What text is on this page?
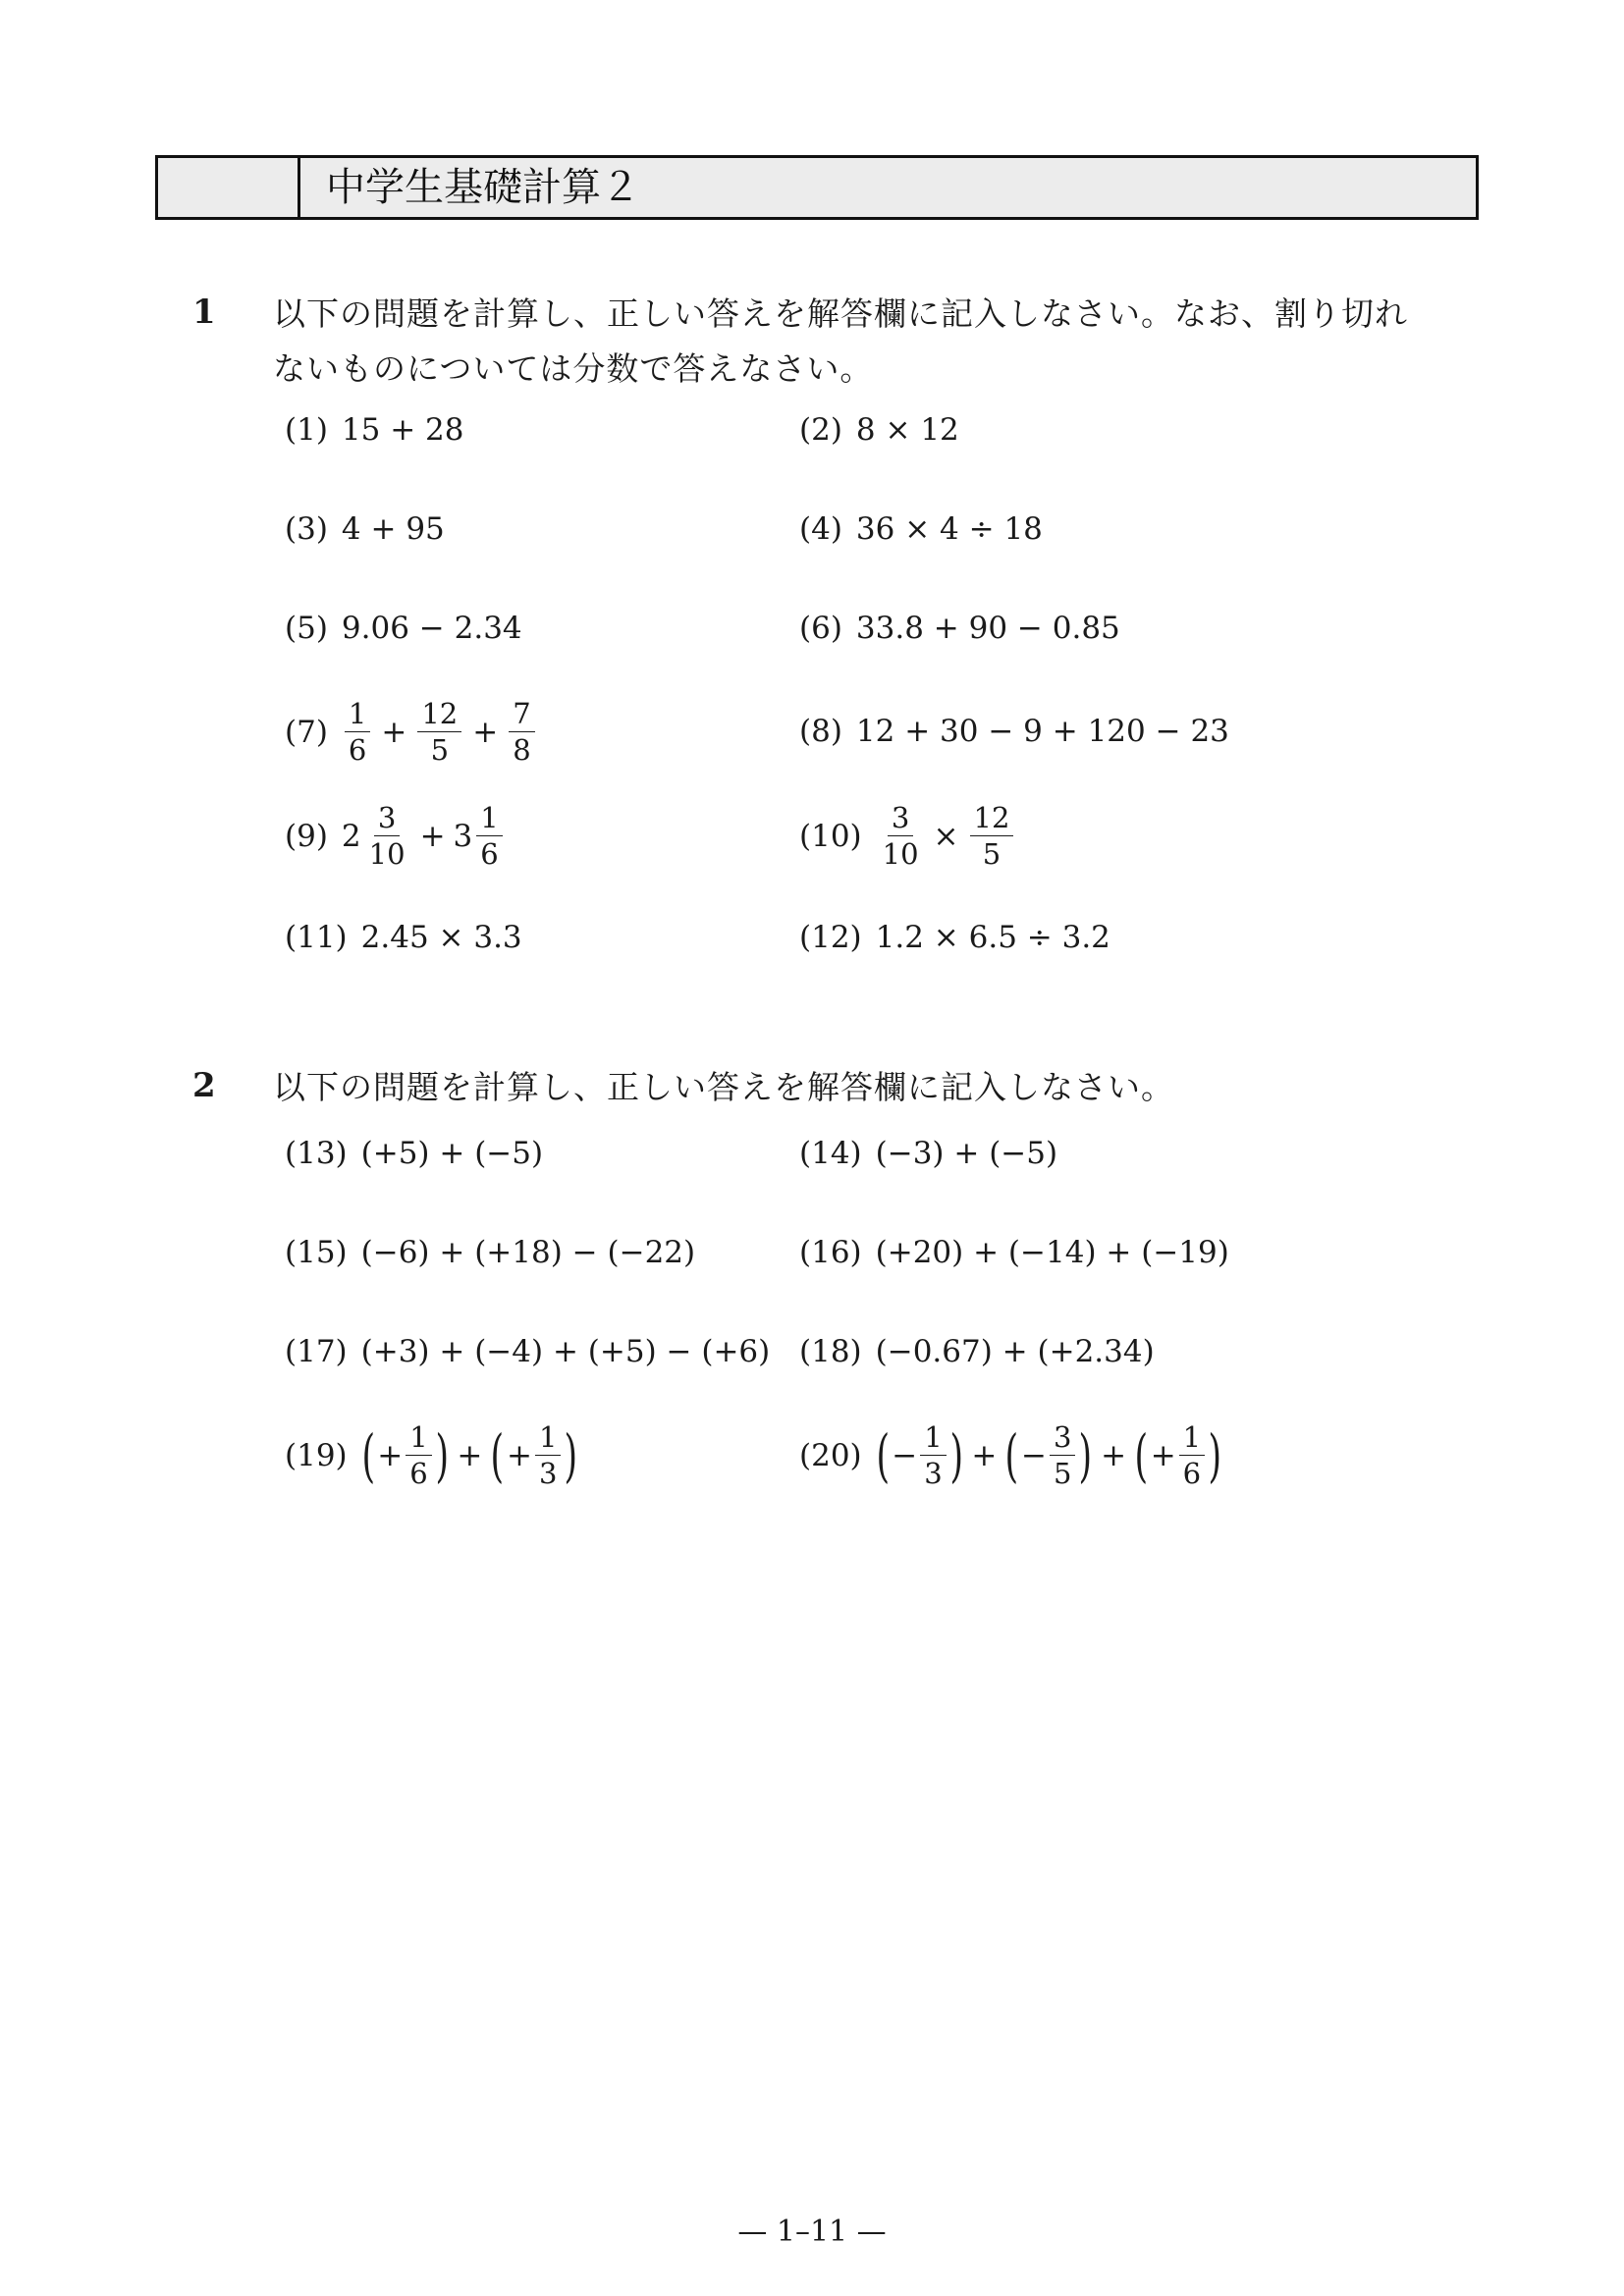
中学生基礎計算２
1 以下の問題を計算し、正しい答えを解答欄に記入しなさい。なお、割り切れ
ないものについては分数で答えなさい。
(1) 15 + 28	(2) 8 × 12
(3) 4 + 95	(4) 36 × 4 ÷ 18
(5) 9.06 − 2.34	(6) 33.8 + 90 − 0.85
$(7) \frac{1}{6} + \frac{12}{5} + \frac{7}{8}$	(8) 12 + 30 − 9 + 120 − 23
(9) $2 \frac{3}{10} + 3 \frac{1}{6}$	$(10) \frac{3}{10} \times \frac{12}{5}$
(11) 2.45 × 3.3	(12) 1.2 × 6.5 ÷ 3.2
2 以下の問題を計算し、正しい答えを解答欄に記入しなさい。
(13) (+5) + (−5)	(14) (−3) + (−5)
(15) (−6) + (+18) − (−22)	(16) (+20) + (−14) + (−19)
(17) (+3) + (−4) + (+5) − (+6) (18) (−0.67) + (+2.34)
(19) ( + $\frac{1}{6}$ ) + ( + $\frac{1}{3}$ )	(20) ( − $\frac{1}{3}$ ) + ( − $\frac{3}{5}$ ) + ( + $\frac{1}{6}$ )
— 1–11 —
